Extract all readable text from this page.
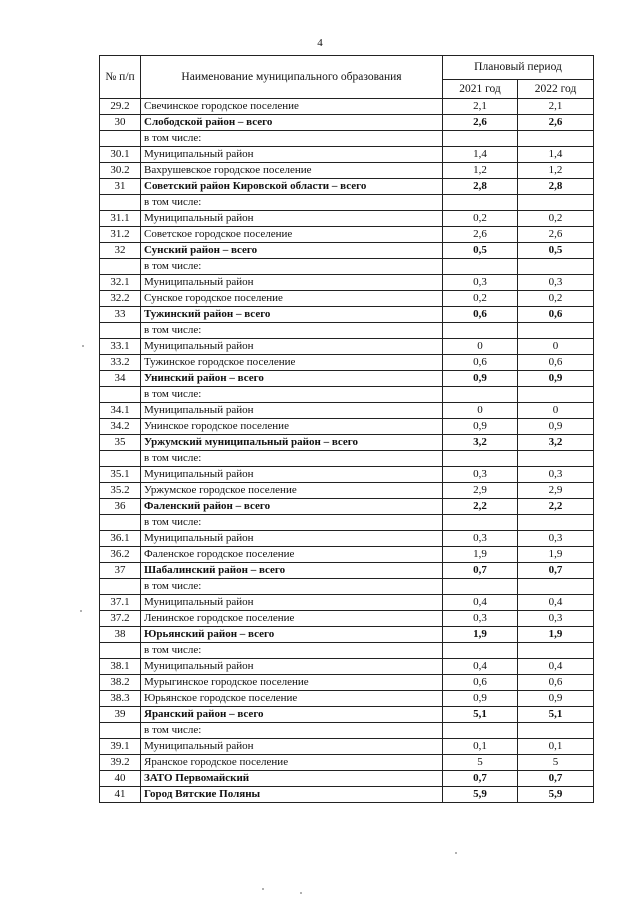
4
№ п/п	Наименование муниципального образования	Плановый период	
		2021 год	2022 год
29.2	Свечинское городское поселение	2,1	2,1
30	Слободской район – всего	2,6	2,6
	в том числе:		
30.1	Муниципальный район	1,4	1,4
30.2	Вахрушевское городское поселение	1,2	1,2
31	Советский район Кировской области – всего	2,8	2,8
	в том числе:		
31.1	Муниципальный район	0,2	0,2
31.2	Советское городское поселение	2,6	2,6
32	Сунский район – всего	0,5	0,5
	в том числе:		
32.1	Муниципальный район	0,3	0,3
32.2	Сунское городское поселение	0,2	0,2
33	Тужинский район – всего	0,6	0,6
	в том числе:		
33.1	Муниципальный район	0	0
33.2	Тужинское городское поселение	0,6	0,6
34	Унинский район – всего	0,9	0,9
	в том числе:		
34.1	Муниципальный район	0	0
34.2	Унинское городское поселение	0,9	0,9
35	Уржумский муниципальный район – всего	3,2	3,2
	в том числе:		
35.1	Муниципальный район	0,3	0,3
35.2	Уржумское городское поселение	2,9	2,9
36	Фаленский район – всего	2,2	2,2
	в том числе:		
36.1	Муниципальный район	0,3	0,3
36.2	Фаленское городское поселение	1,9	1,9
37	Шабалинский район – всего	0,7	0,7
	в том числе:		
37.1	Муниципальный район	0,4	0,4
37.2	Ленинское городское поселение	0,3	0,3
38	Юрьянский район – всего	1,9	1,9
	в том числе:		
38.1	Муниципальный район	0,4	0,4
38.2	Мурыгинское городское поселение	0,6	0,6
38.3	Юрьянское городское поселение	0,9	0,9
39	Яранский район – всего	5,1	5,1
	в том числе:		
39.1	Муниципальный район	0,1	0,1
39.2	Яранское городское поселение	5	5
40	ЗАТО Первомайский	0,7	0,7
41	Город Вятские Поляны	5,9	5,9
